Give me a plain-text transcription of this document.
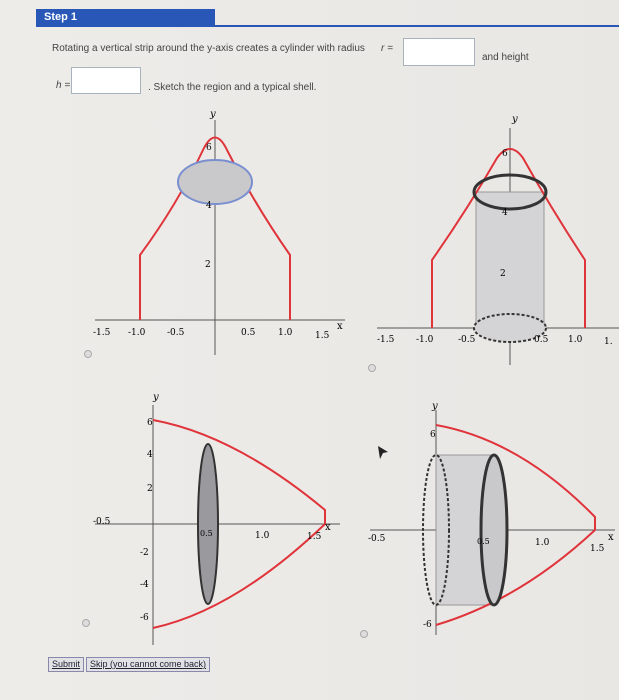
Step 1
Rotating a vertical strip around the y-axis creates a cylinder with radius r =
and height
h =	. Sketch the region and a typical shell.
y
x
-1.5 -1.0 -0.5	0.5	1.0	1.5
2
4
6
y
-1.5 -1.0	-0.5	0.5 1.0 1.
2
4
6
y
x
-0.5
0.5	1.0	1.5
6
4
2
-2
-4
-6
y
x
-0.5	0.5	1.0
1.5
6
-6
Submit	Skip (you cannot come back)
